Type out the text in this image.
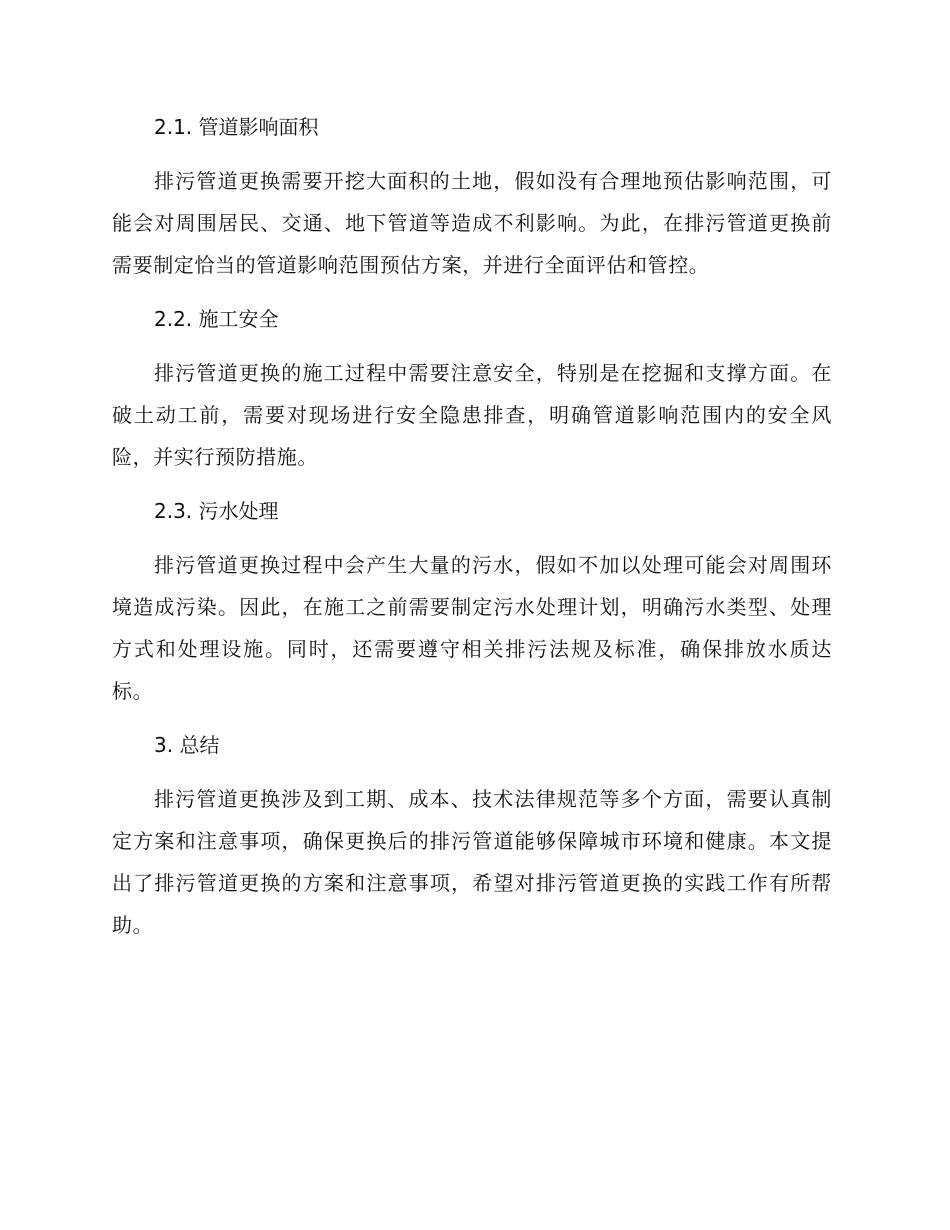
2.1. 管道影响面积

排污管道更换需要开挖大面积的土地，假如没有合理地预估影响范围，可能会对周围居民、交通、地下管道等造成不利影响。为此，在排污管道更换前需要制定恰当的管道影响范围预估方案，并进行全面评估和管控。

2.2. 施工安全

排污管道更换的施工过程中需要注意安全，特别是在挖掘和支撑方面。在破土动工前，需要对现场进行安全隐患排查，明确管道影响范围内的安全风险，并实行预防措施。

2.3. 污水处理

排污管道更换过程中会产生大量的污水，假如不加以处理可能会对周围环境造成污染。因此，在施工之前需要制定污水处理计划，明确污水类型、处理方式和处理设施。同时，还需要遵守相关排污法规及标准，确保排放水质达标。

3. 总结

排污管道更换涉及到工期、成本、技术法律规范等多个方面，需要认真制定方案和注意事项，确保更换后的排污管道能够保障城市环境和健康。本文提出了排污管道更换的方案和注意事项，希望对排污管道更换的实践工作有所帮助。
